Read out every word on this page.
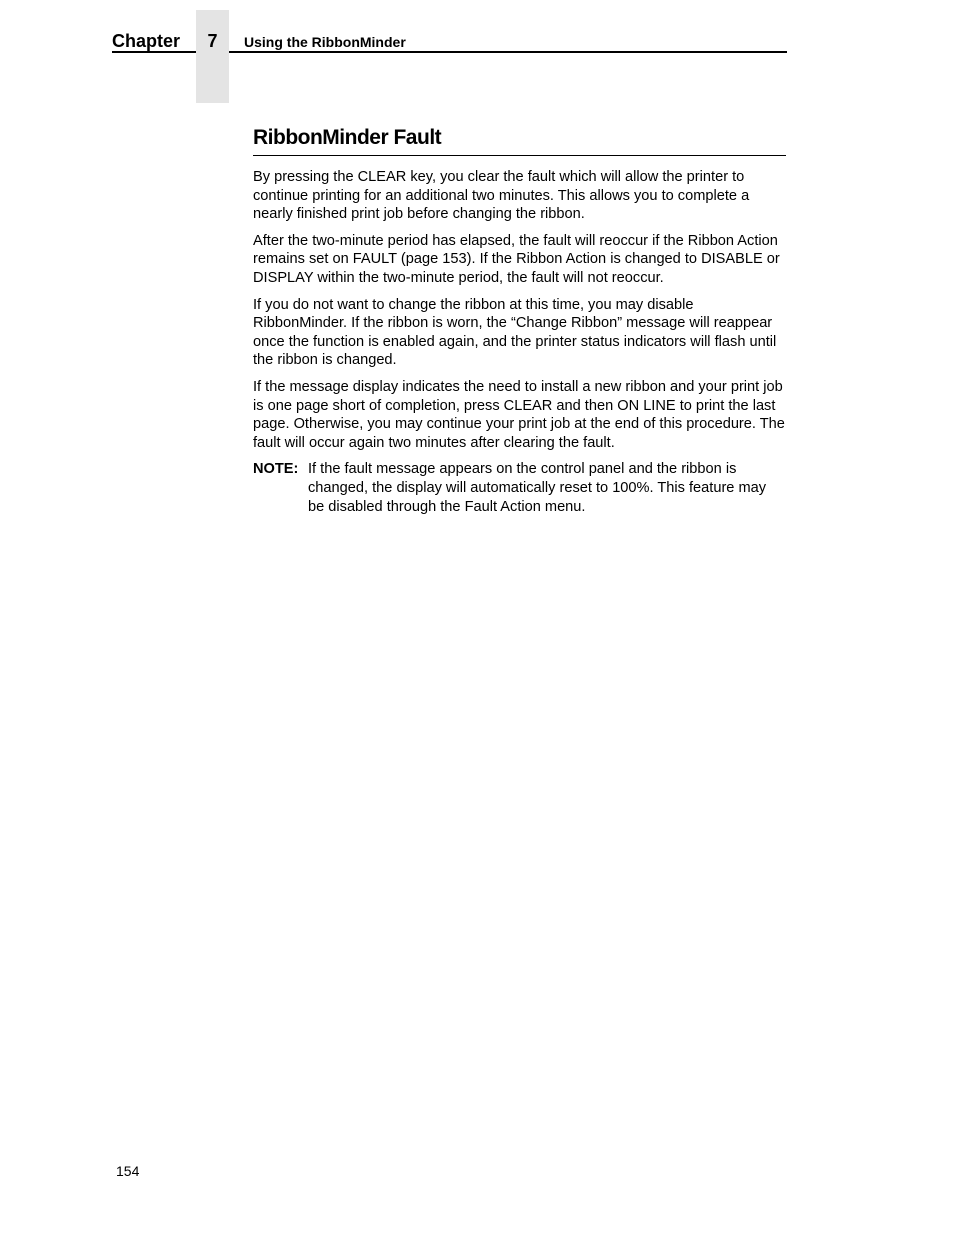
Chapter	7	Using the RibbonMinder
RibbonMinder Fault

By pressing the CLEAR key, you clear the fault which will allow the printer to continue printing for an additional two minutes. This allows you to complete a nearly finished print job before changing the ribbon.

After the two-minute period has elapsed, the fault will reoccur if the Ribbon Action remains set on FAULT (page 153). If the Ribbon Action is changed to DISABLE or DISPLAY within the two-minute period, the fault will not reoccur.

If you do not want to change the ribbon at this time, you may disable RibbonMinder. If the ribbon is worn, the “Change Ribbon” message will reappear once the function is enabled again, and the printer status indicators will flash until the ribbon is changed.

If the message display indicates the need to install a new ribbon and your print job is one page short of completion, press CLEAR and then ON LINE to print the last page. Otherwise, you may continue your print job at the end of this procedure. The fault will occur again two minutes after clearing the fault.

NOTE: If the fault message appears on the control panel and the ribbon is changed, the display will automatically reset to 100%. This feature may be disabled through the Fault Action menu.

154
